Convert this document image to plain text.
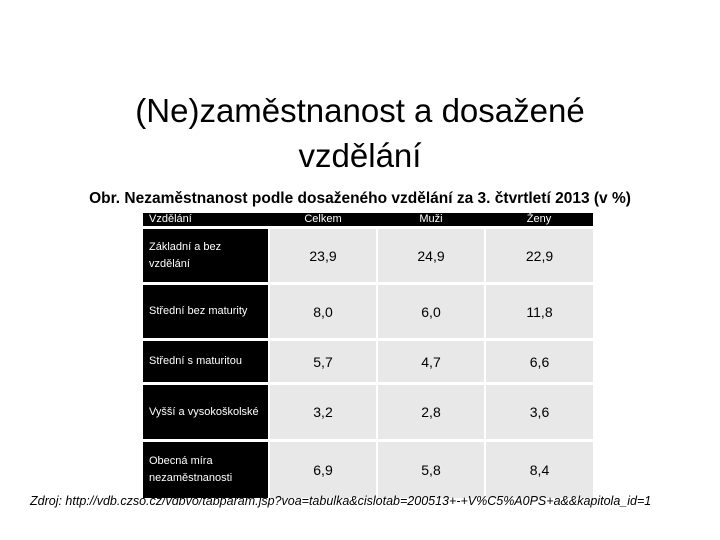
(Ne)zaměstnanost a dosažené
vzdělání
Obr. Nezaměstnanost podle dosaženého vzdělání za 3. čtvrtletí 2013 (v %)
Vzdělání	Celkem	Muži	Ženy
Základní a bez vzdělání	23,9	24,9	22,9
Střední bez maturity	8,0	6,0	11,8
Střední s maturitou	5,7	4,7	6,6
Vyšší a vysokoškolské	3,2	2,8	3,6
Obecná míra nezaměstnanosti	6,9	5,8	8,4
Zdroj: http://vdb.czso.cz/vdbvo/tabparam.jsp?voa=tabulka&cislotab=200513+-+V%C5%A0PS+a&&kapitola_id=1
